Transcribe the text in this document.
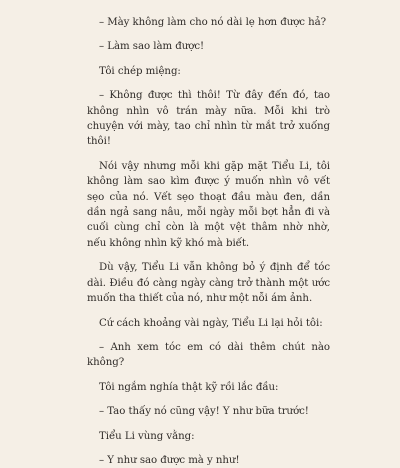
– Mày không làm cho nó dài lẹ hơn được hả?

– Làm sao làm được!

Tôi chép miệng:

– Không được thì thôi! Từ đây đến đó, tao không nhìn vô trán mày nữa. Mỗi khi trò chuyện với mày, tao chỉ nhìn từ mắt trở xuống thôi!

Nói vậy nhưng mỗi khi gặp mặt Tiểu Li, tôi không làm sao kìm được ý muốn nhìn vô vết sẹo của nó. Vết sẹo thoạt đầu màu đen, dần dần ngả sang nâu, mỗi ngày mỗi bợt hẳn đi và cuối cùng chỉ còn là một vệt thâm nhờ nhờ, nếu không nhìn kỹ khó mà biết.

Dù vậy, Tiểu Li vẫn không bỏ ý định để tóc dài. Điều đó càng ngày càng trở thành một ước muốn tha thiết của nó, như một nỗi ám ảnh.

Cứ cách khoảng vài ngày, Tiểu Li lại hỏi tôi:

– Anh xem tóc em có dài thêm chút nào không?

Tôi ngắm nghía thật kỹ rồi lắc đầu:

– Tao thấy nó cũng vậy! Y như bữa trước!

Tiểu Li vùng vằng:

– Y như sao được mà y như!
